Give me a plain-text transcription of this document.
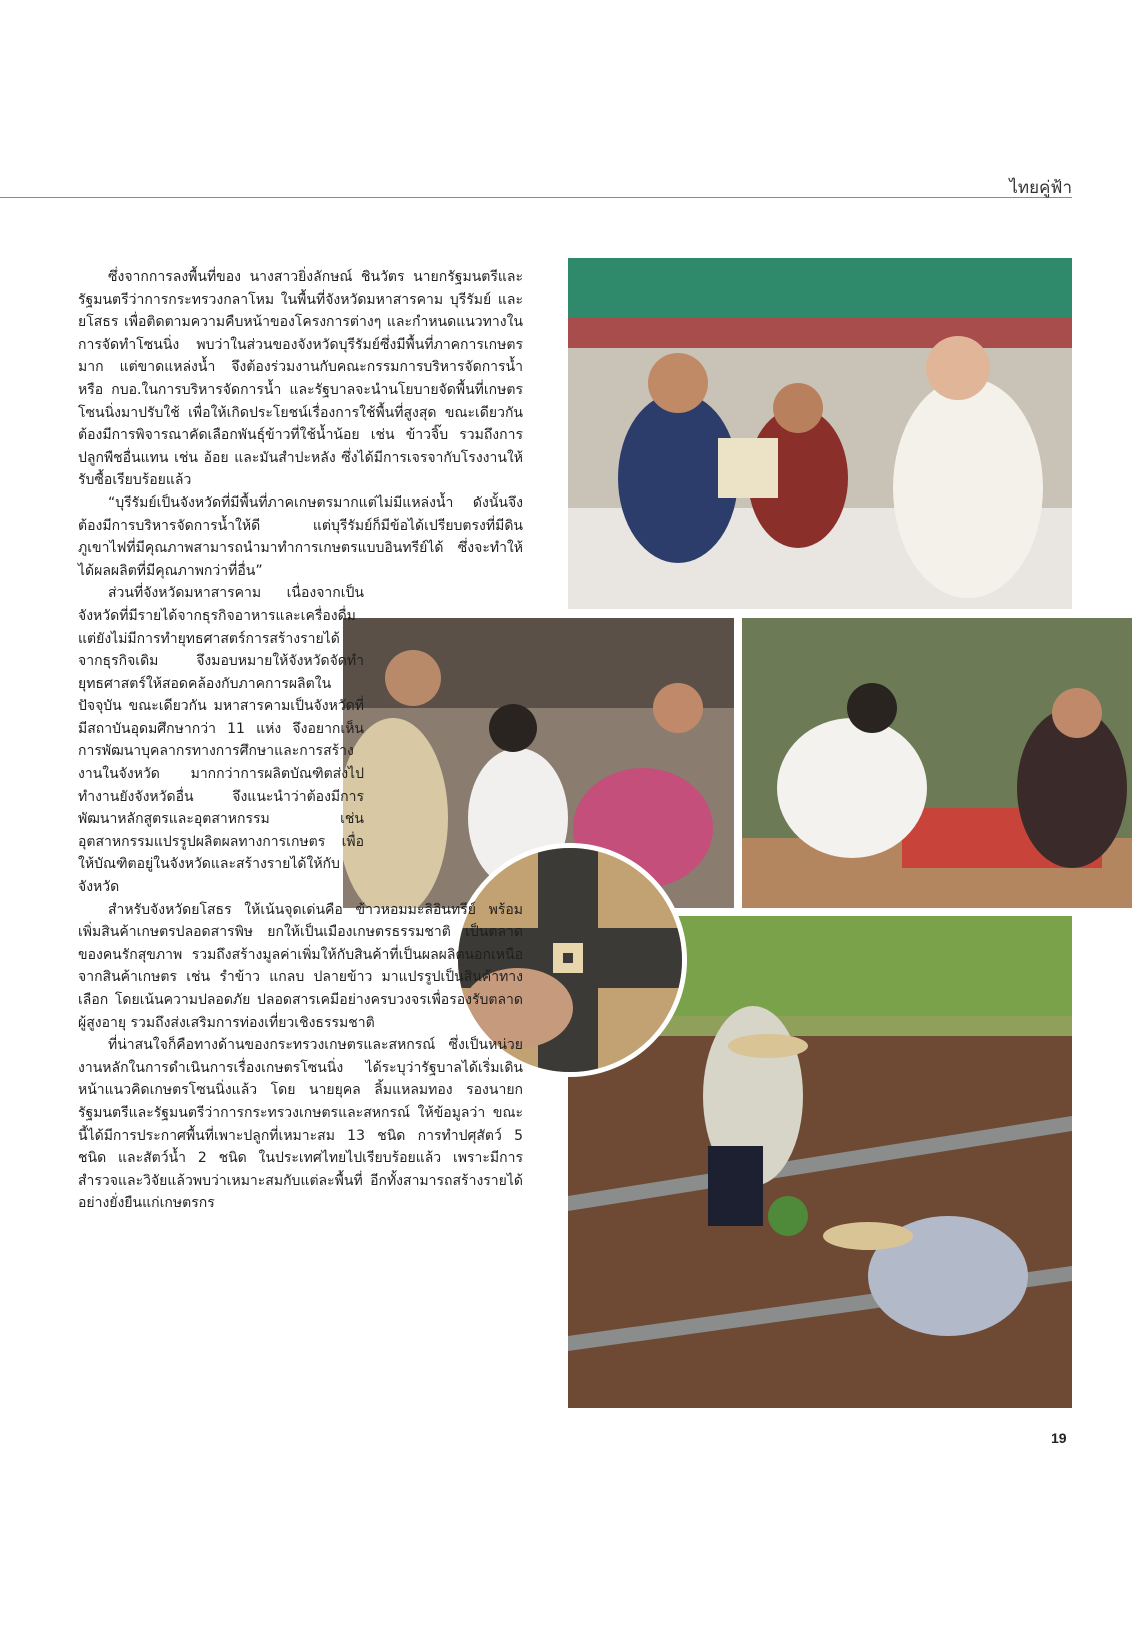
ไทยคู่ฟ้า

ซึ่งจากการลงพื้นที่ของ นางสาวยิ่งลักษณ์ ชินวัตร นายกรัฐมนตรีและรัฐมนตรีว่าการกระทรวงกลาโหม ในพื้นที่จังหวัดมหาสารคาม บุรีรัมย์ และยโสธร เพื่อติดตามความคืบหน้าของโครงการต่างๆ และกำหนดแนวทางในการจัดทำโซนนิ่ง พบว่าในส่วนของจังหวัดบุรีรัมย์ซึ่งมีพื้นที่ภาคการเกษตรมาก แต่ขาดแหล่งน้ำ จึงต้องร่วมงานกับคณะกรรมการบริหารจัดการน้ำ หรือ กบอ.ในการบริหารจัดการน้ำ และรัฐบาลจะนำนโยบายจัดพื้นที่เกษตรโซนนิ่งมาปรับใช้ เพื่อให้เกิดประโยชน์เรื่องการใช้พื้นที่สูงสุด ขณะเดียวกัน ต้องมีการพิจารณาคัดเลือกพันธุ์ข้าวที่ใช้น้ำน้อย เช่น ข้าวจิ๊บ รวมถึงการปลูกพืชอื่นแทน เช่น อ้อย และมันสำปะหลัง ซึ่งได้มีการเจรจากับโรงงานให้รับซื้อเรียบร้อยแล้ว

“บุรีรัมย์เป็นจังหวัดที่มีพื้นที่ภาคเกษตรมากแต่ไม่มีแหล่งน้ำ ดังนั้นจึงต้องมีการบริหารจัดการน้ำให้ดี แต่บุรีรัมย์ก็มีข้อได้เปรียบตรงที่มีดินภูเขาไฟที่มีคุณภาพสามารถนำมาทำการเกษตรแบบอินทรีย์ได้ ซึ่งจะทำให้ได้ผลผลิตที่มีคุณภาพกว่าที่อื่น”

ส่วนที่จังหวัดมหาสารคาม เนื่องจากเป็นจังหวัดที่มีรายได้จากธุรกิจอาหารและเครื่องดื่ม แต่ยังไม่มีการทำยุทธศาสตร์การสร้างรายได้จากธุรกิจเดิม จึงมอบหมายให้จังหวัดจัดทำยุทธศาสตร์ให้สอดคล้องกับภาคการผลิตในปัจจุบัน ขณะเดียวกัน มหาสารคามเป็นจังหวัดที่มีสถาบันอุดมศึกษากว่า 11 แห่ง จึงอยากเห็นการพัฒนาบุคลากรทางการศึกษาและการสร้างงานในจังหวัด มากกว่าการผลิตบัณฑิตส่งไปทำงานยังจังหวัดอื่น จึงแนะนำว่าต้องมีการพัฒนาหลักสูตรและอุตสาหกรรม เช่น อุตสาหกรรมแปรรูปผลิตผลทางการเกษตร เพื่อให้บัณฑิตอยู่ในจังหวัดและสร้างรายได้ให้กับจังหวัด

สำหรับจังหวัดยโสธร ให้เน้นจุดเด่นคือ ข้าวหอมมะลิอินทรีย์ พร้อมเพิ่มสินค้าเกษตรปลอดสารพิษ ยกให้เป็นเมืองเกษตรธรรมชาติ เป็นตลาดของคนรักสุขภาพ รวมถึงสร้างมูลค่าเพิ่มให้กับสินค้าที่เป็นผลผลิตนอกเหนือจากสินค้าเกษตร เช่น รำข้าว แกลบ ปลายข้าว มาแปรรูปเป็นสินค้าทางเลือก โดยเน้นความปลอดภัย ปลอดสารเคมีอย่างครบวงจรเพื่อรองรับตลาดผู้สูงอายุ รวมถึงส่งเสริมการท่องเที่ยวเชิงธรรมชาติ

ที่น่าสนใจก็คือทางด้านของกระทรวงเกษตรและสหกรณ์ ซึ่งเป็นหน่วยงานหลักในการดำเนินการเรื่องเกษตรโซนนิ่ง ได้ระบุว่ารัฐบาลได้เริ่มเดินหน้าแนวคิดเกษตรโซนนิ่งแล้ว โดย นายยุคล ลิ้มแหลมทอง รองนายกรัฐมนตรีและรัฐมนตรีว่าการกระทรวงเกษตรและสหกรณ์ ให้ข้อมูลว่า ขณะนี้ได้มีการประกาศพื้นที่เพาะปลูกที่เหมาะสม 13 ชนิด การทำปศุสัตว์ 5 ชนิด และสัตว์น้ำ 2 ชนิด ในประเทศไทยไปเรียบร้อยแล้ว เพราะมีการสำรวจและวิจัยแล้วพบว่าเหมาะสมกับแต่ละพื้นที่ อีกทั้งสามารถสร้างรายได้อย่างยั่งยืนแก่เกษตรกร

19
